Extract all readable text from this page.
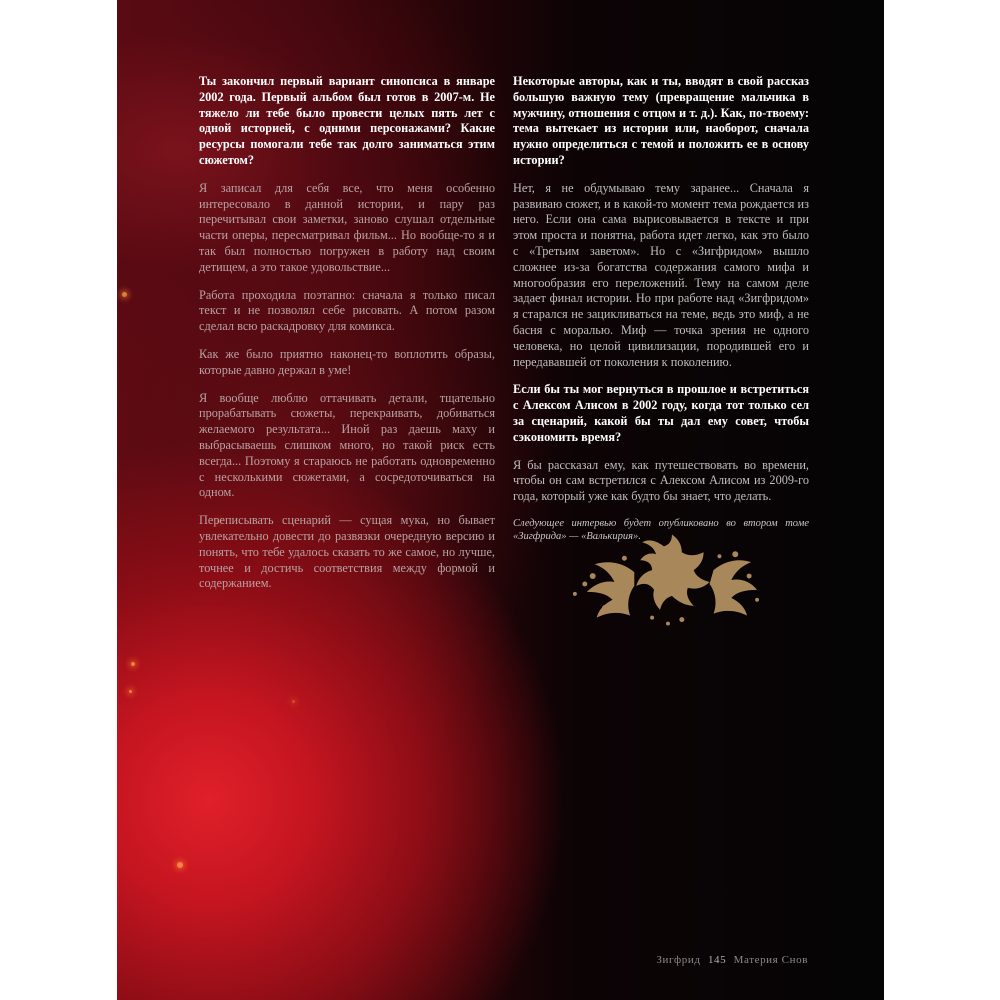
Ты закончил первый вариант синопсиса в январе 2002 года. Первый альбом был готов в 2007-м. Не тяжело ли тебе было провести целых пять лет с одной историей, с одними персонажами? Какие ресурсы помогали тебе так долго заниматься этим сюжетом?

Я записал для себя все, что меня особенно интересовало в данной истории, и пару раз перечитывал свои заметки, заново слушал отдельные части оперы, пересматривал фильм... Но вообще-то я и так был полностью погружен в работу над своим детищем, а это такое удовольствие...

Работа проходила поэтапно: сначала я только писал текст и не позволял себе рисовать. А потом разом сделал всю раскадровку для комикса.

Как же было приятно наконец-то воплотить образы, которые давно держал в уме!

Я вообще люблю оттачивать детали, тщательно прорабатывать сюжеты, перекраивать, добиваться желаемого результата... Иной раз даешь маху и выбрасываешь слишком много, но такой риск есть всегда... Поэтому я стараюсь не работать одновременно с несколькими сюжетами, а сосредоточиваться на одном.

Переписывать сценарий — сущая мука, но бывает увлекательно довести до развязки очередную версию и понять, что тебе удалось сказать то же самое, но лучше, точнее и достичь соответствия между формой и содержанием.

Некоторые авторы, как и ты, вводят в свой рассказ большую важную тему (превращение мальчика в мужчину, отношения с отцом и т. д.). Как, по-твоему: тема вытекает из истории или, наоборот, сначала нужно определиться с темой и положить ее в основу истории?

Нет, я не обдумываю тему заранее... Сначала я развиваю сюжет, и в какой-то момент тема рождается из него. Если она сама вырисовывается в тексте и при этом проста и понятна, работа идет легко, как это было с «Третьим заветом». Но с «Зигфридом» вышло сложнее из-за богатства содержания самого мифа и многообразия его переложений. Тему на самом деле задает финал истории. Но при работе над «Зигфридом» я старался не зацикливаться на теме, ведь это миф, а не басня с моралью. Миф — точка зрения не одного человека, но целой цивилизации, породившей его и передававшей от поколения к поколению.

Если бы ты мог вернуться в прошлое и встретиться с Алексом Алисом в 2002 году, когда тот только сел за сценарий, какой бы ты дал ему совет, чтобы сэкономить время?

Я бы рассказал ему, как путешествовать во времени, чтобы он сам встретился с Алексом Алисом из 2009-го года, который уже как будто бы знает, что делать.

Следующее интервью будет опубликовано во втором томе «Зигфрида» — «Валькирия».

Зигфрид 145 Материя Снов
